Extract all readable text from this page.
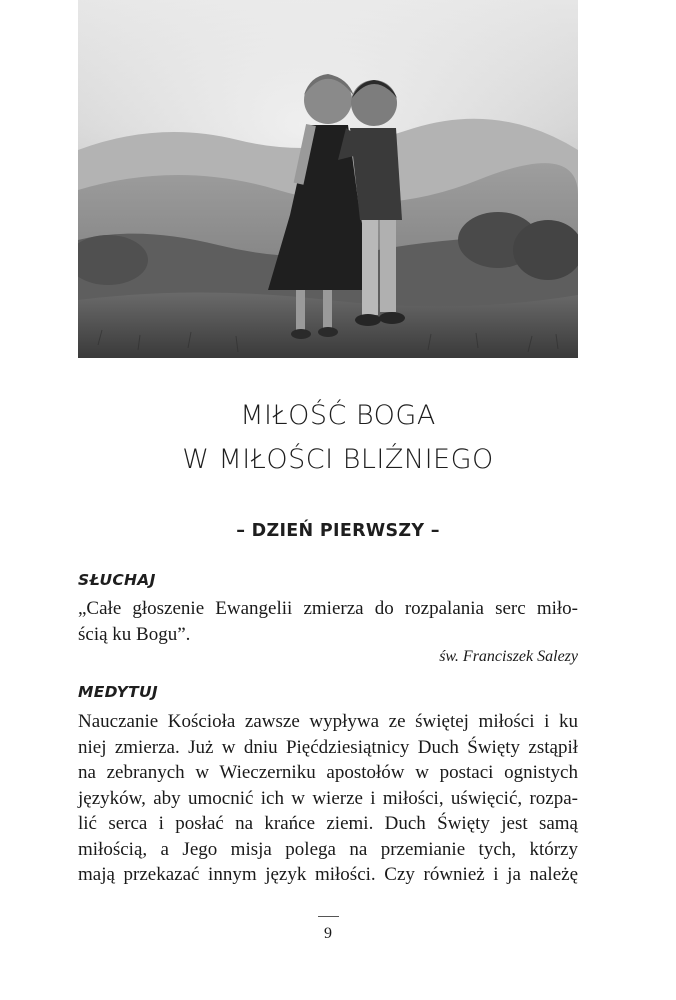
MIŁOŚĆ BOGA
W MIŁOŚCI BLIŹNIEGO
– DZIEŃ PIERWSZY –
SŁUCHAJ
„Całe głoszenie Ewangelii zmierza do rozpalania serc miło-
ścią ku Bogu”.
św. Franciszek Salezy
MEDYTUJ
Nauczanie Kościoła zawsze wypływa ze świętej miłości i ku
niej zmierza. Już w dniu Pięćdziesiątnicy Duch Święty zstąpił
na zebranych w Wieczerniku apostołów w postaci ognistych
języków, aby umocnić ich w wierze i miłości, uświęcić, rozpa-
lić serca i posłać na krańce ziemi. Duch Święty jest samą
miłością, a Jego misja polega na przemianie tych, którzy
mają przekazać innym język miłości. Czy również i ja należę
9
